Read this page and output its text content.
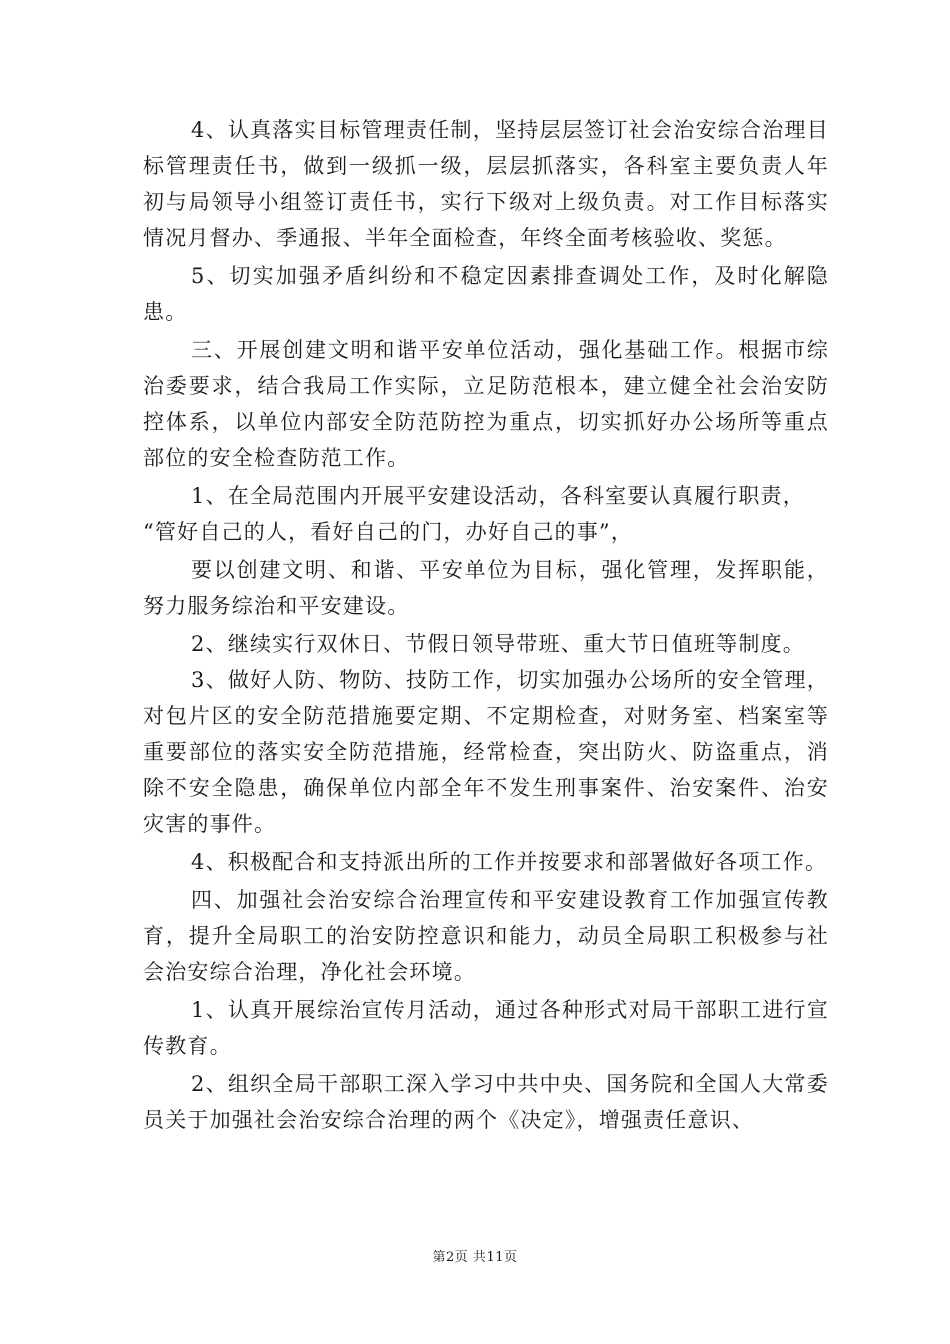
4、认真落实目标管理责任制，坚持层层签订社会治安综合治理目标管理责任书，做到一级抓一级，层层抓落实，各科室主要负责人年初与局领导小组签订责任书，实行下级对上级负责。对工作目标落实情况月督办、季通报、半年全面检查，年终全面考核验收、奖惩。

5、切实加强矛盾纠纷和不稳定因素排查调处工作，及时化解隐患。

三、开展创建文明和谐平安单位活动，强化基础工作。根据市综治委要求，结合我局工作实际，立足防范根本，建立健全社会治安防控体系，以单位内部安全防范防控为重点，切实抓好办公场所等重点部位的安全检查防范工作。

1、在全局范围内开展平安建设活动，各科室要认真履行职责，

“管好自己的人，看好自己的门，办好自己的事”，

要以创建文明、和谐、平安单位为目标，强化管理，发挥职能，努力服务综治和平安建设。

2、继续实行双休日、节假日领导带班、重大节日值班等制度。

3、做好人防、物防、技防工作，切实加强办公场所的安全管理，对包片区的安全防范措施要定期、不定期检查，对财务室、档案室等重要部位的落实安全防范措施，经常检查，突出防火、防盗重点，消除不安全隐患，确保单位内部全年不发生刑事案件、治安案件、治安灾害的事件。

4、积极配合和支持派出所的工作并按要求和部署做好各项工作。

四、加强社会治安综合治理宣传和平安建设教育工作加强宣传教育，提升全局职工的治安防控意识和能力，动员全局职工积极参与社会治安综合治理，净化社会环境。

1、认真开展综治宣传月活动，通过各种形式对局干部职工进行宣传教育。

2、组织全局干部职工深入学习中共中央、国务院和全国人大常委员关于加强社会治安综合治理的两个《决定》，增强责任意识、

第2页 共11页
